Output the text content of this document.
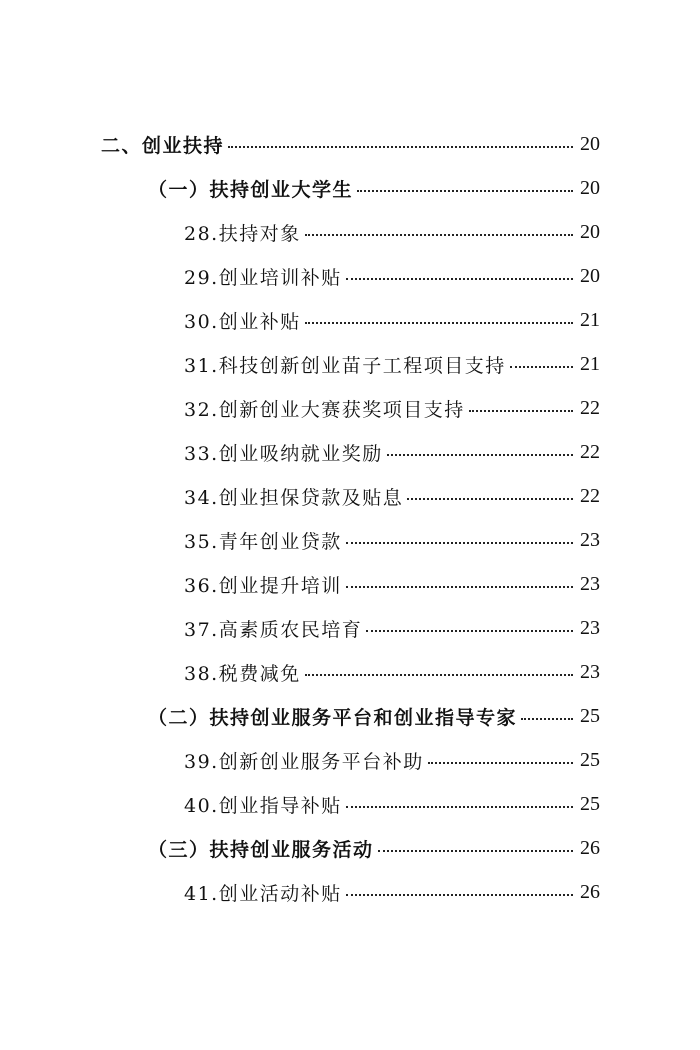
二、创业扶持	20
（一）扶持创业大学生	20
28.扶持对象	20
29.创业培训补贴	20
30.创业补贴	21
31.科技创新创业苗子工程项目支持	21
32.创新创业大赛获奖项目支持	22
33.创业吸纳就业奖励	22
34.创业担保贷款及贴息	22
35.青年创业贷款	23
36.创业提升培训	23
37.高素质农民培育	23
38.税费减免	23
（二）扶持创业服务平台和创业指导专家	25
39.创新创业服务平台补助	25
40.创业指导补贴	25
（三）扶持创业服务活动	26
41.创业活动补贴	26
